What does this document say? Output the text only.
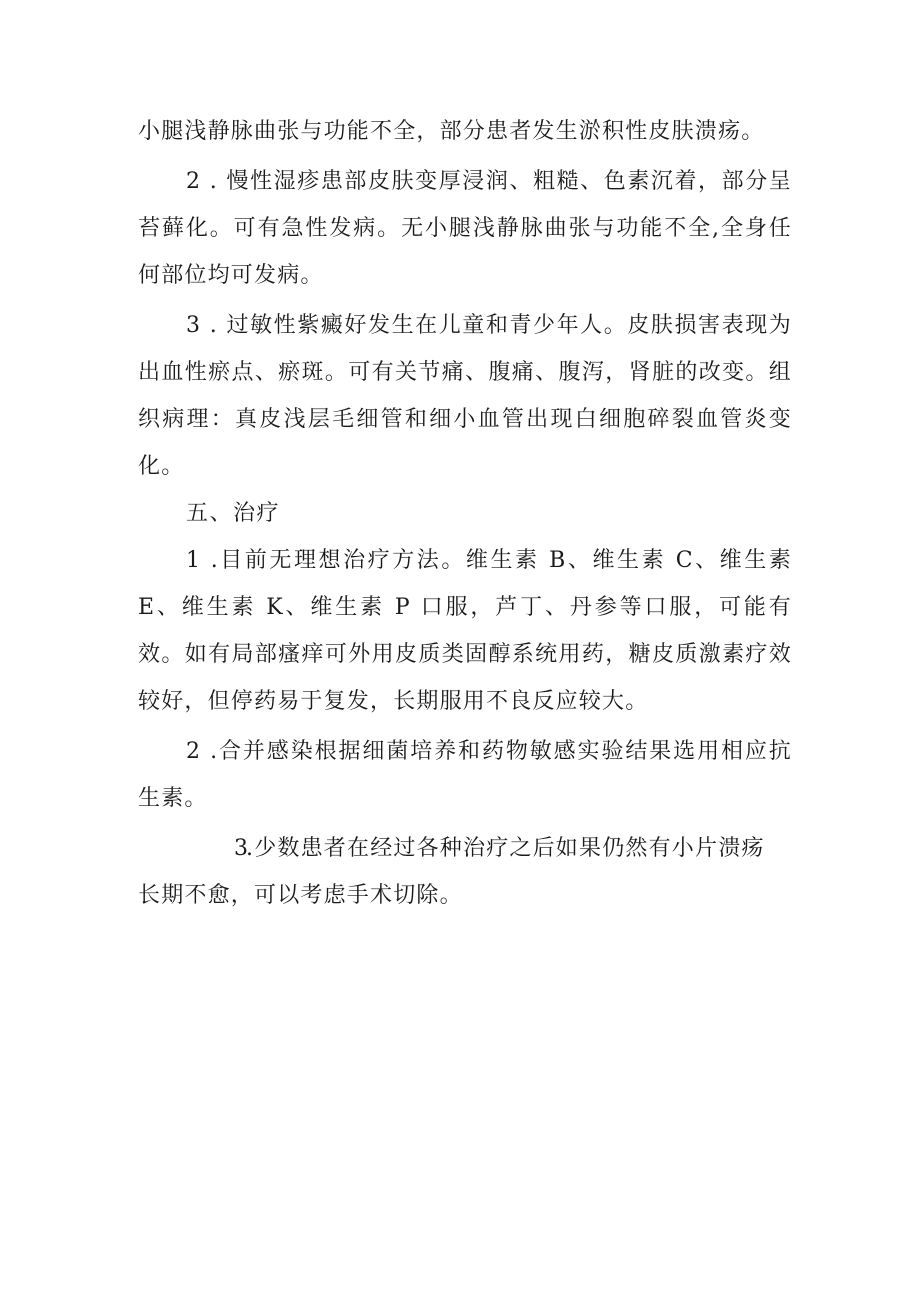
小腿浅静脉曲张与功能不全，部分患者发生淤积性皮肤溃疡。

2 . 慢性湿疹患部皮肤变厚浸润、粗糙、色素沉着，部分呈苔藓化。可有急性发病。无小腿浅静脉曲张与功能不全,全身任何部位均可发病。

3 . 过敏性紫癜好发生在儿童和青少年人。皮肤损害表现为出血性瘀点、瘀斑。可有关节痛、腹痛、腹泻，肾脏的改变。组织病理：真皮浅层毛细管和细小血管出现白细胞碎裂血管炎变化。

五、治疗

1 .目前无理想治疗方法。维生素 B、维生素 C、维生素 E、维生素 K、维生素 P 口服，芦丁、丹参等口服，可能有效。如有局部瘙痒可外用皮质类固醇系统用药，糖皮质激素疗效较好，但停药易于复发，长期服用不良反应较大。

2 .合并感染根据细菌培养和药物敏感实验结果选用相应抗生素。

3.少数患者在经过各种治疗之后如果仍然有小片溃疡

长期不愈，可以考虑手术切除。
